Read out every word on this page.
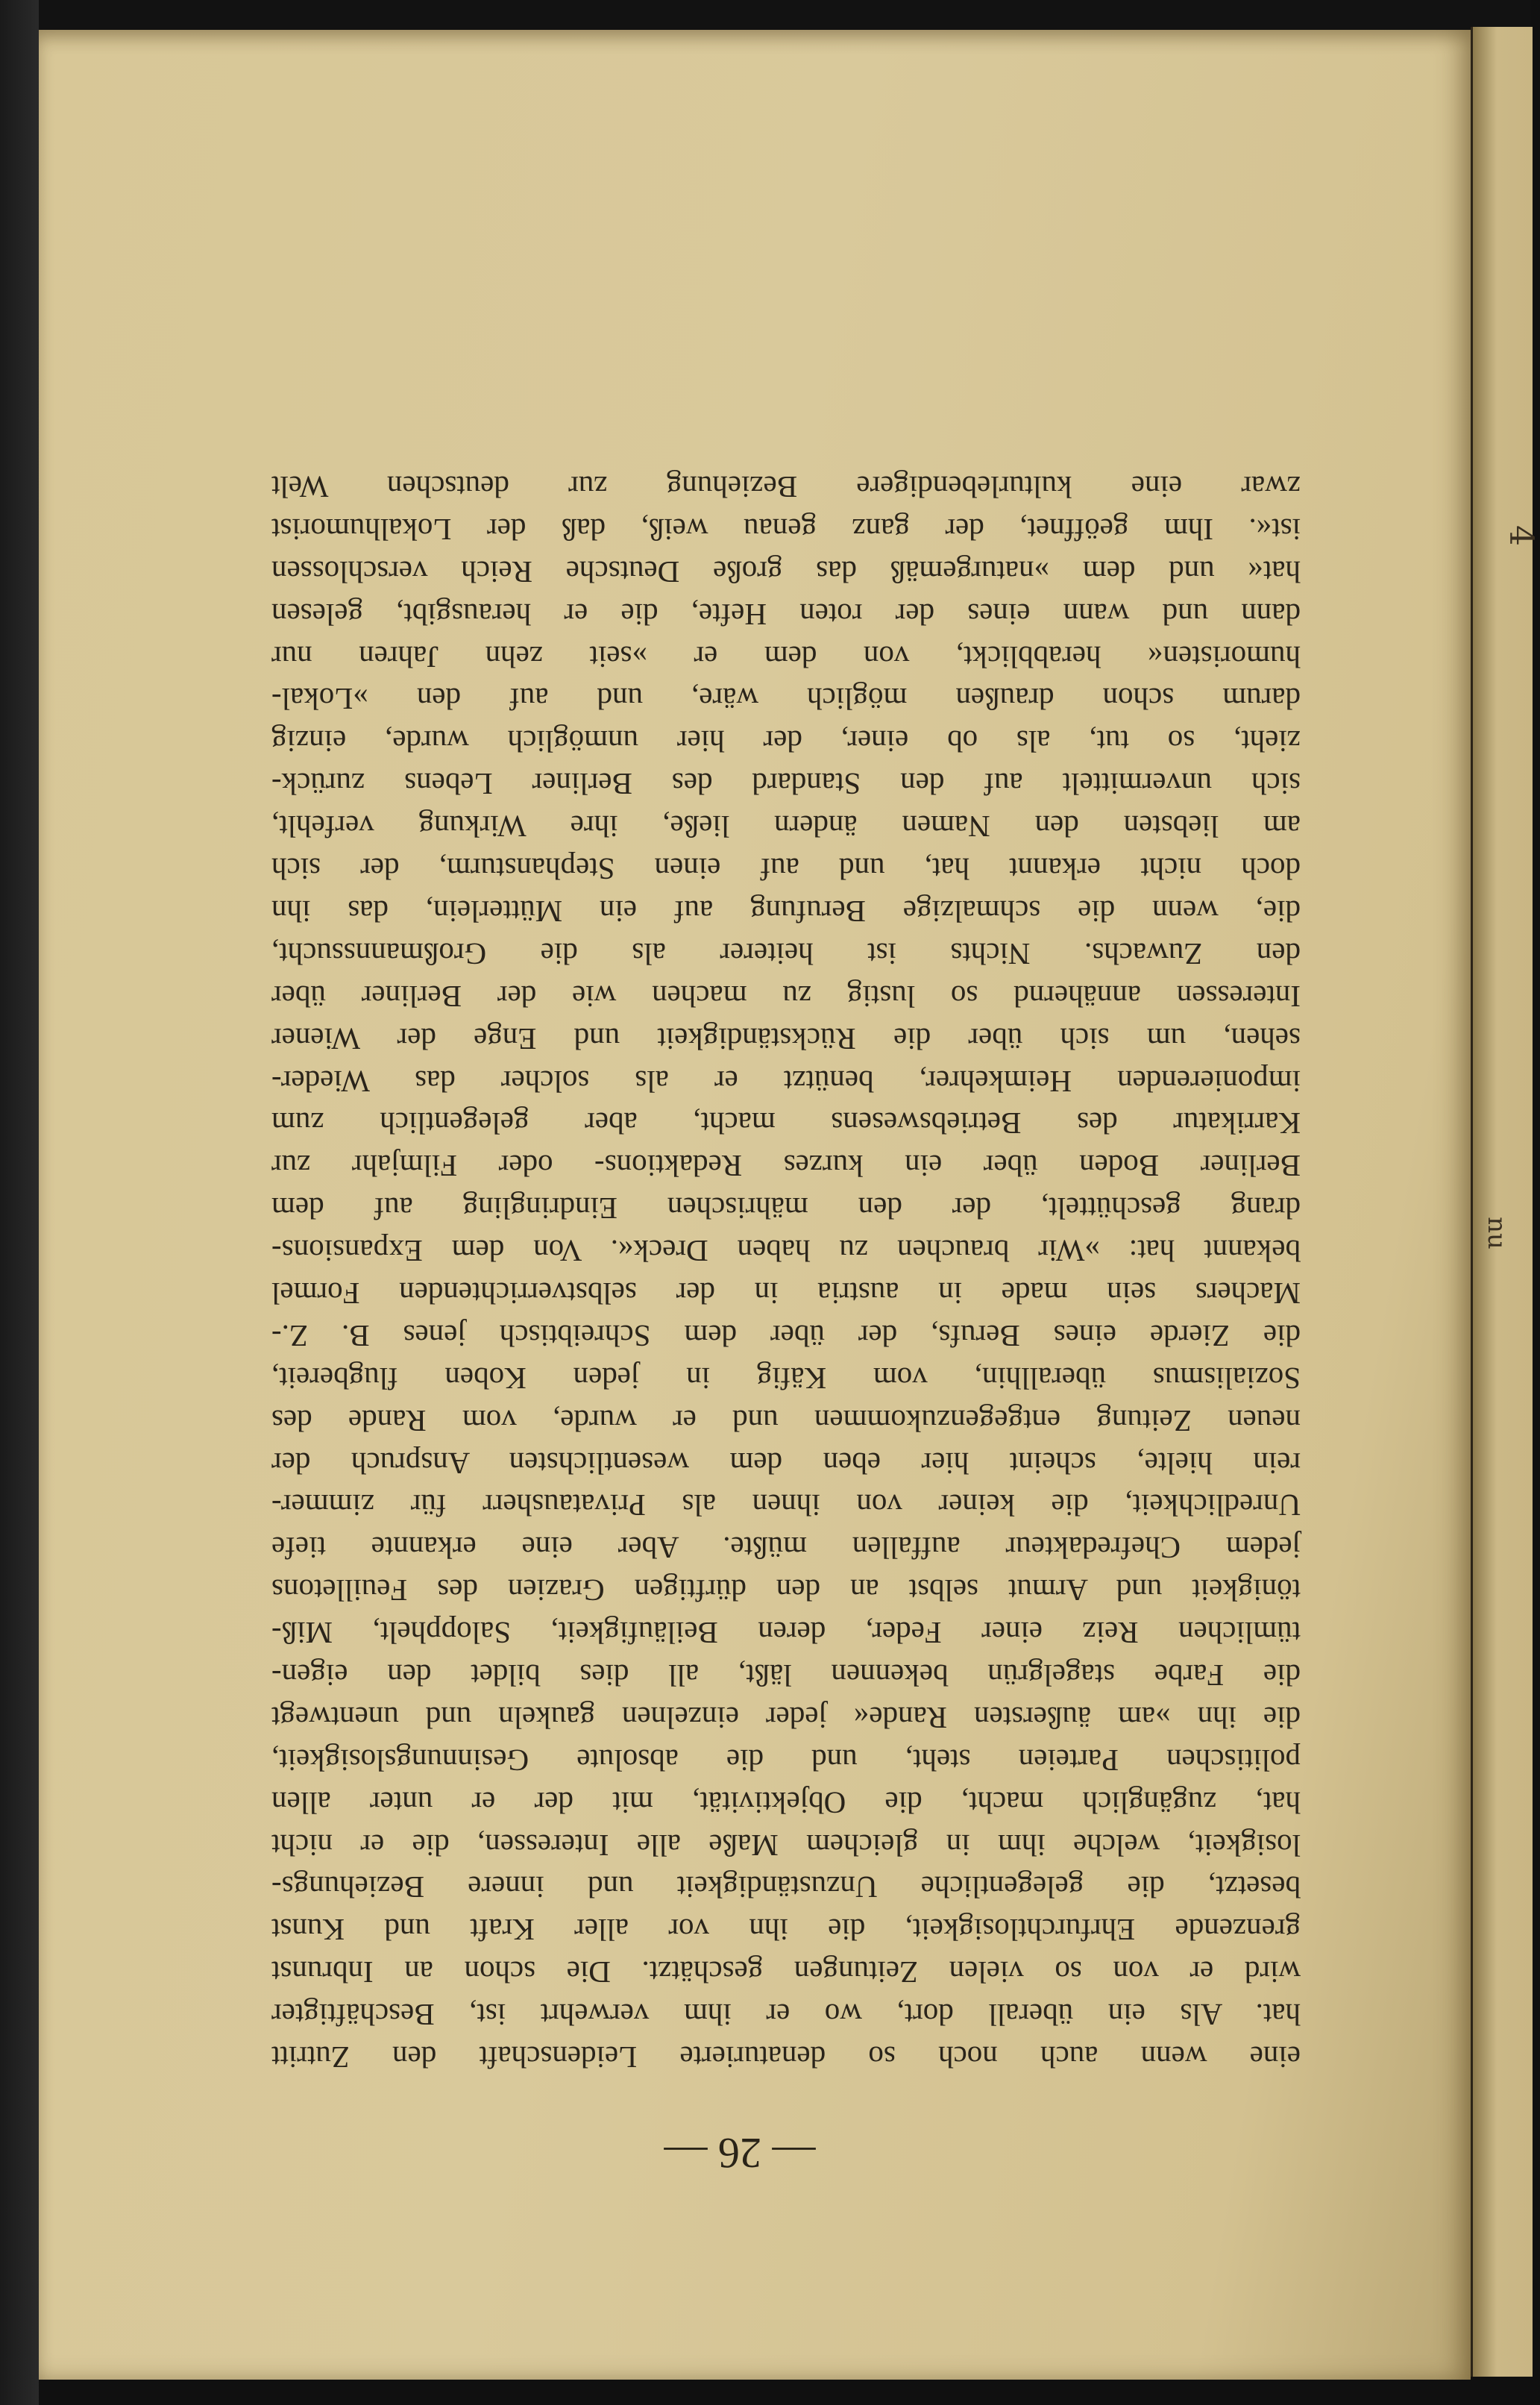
4
nu
— 26 —
eine wenn auch noch so denaturierte Leidenschaft den Zutritt
hat. Als ein überall dort, wo er ihm verwehrt ist, Beschäftigter
wird er von so vielen Zeitungen geschätzt. Die schon an Inbrunst
grenzende Ehrfurchtlosigkeit, die ihn vor aller Kraft und Kunst
besetzt, die gelegentliche Unzuständigkeit und innere Beziehungs-
losigkeit, welche ihm in gleichem Maße alle Interessen, die er nicht
hat, zugänglich macht, die Objektivität, mit der er unter allen
politischen Parteien steht, und die absolute Gesinnungslosigkeit,
die ihn »am äußersten Rande« jeder einzelnen gaukeln und unentwegt
die Farbe stagelgrün bekennen läßt, all dies bildet den eigen-
tümlichen Reiz einer Feder, deren Beiläufigkeit, Salopphelt, Miß-
tönigkeit und Armut selbst an den dürftigen Grazien des Feuilletons
jedem Chefredakteur auffallen müßte. Aber eine erkannte tiefe
Unredlichkeit, die keiner von ihnen als Privatausherr für zimmer-
rein hielte, scheint hier eben dem wesentlichsten Anspruch der
neuen Zeitung entgegenzukommen und er wurde, vom Rande des
Sozialismus überallhin, vom Käfig in jeden Koben flugbereit,
die Zierde eines Berufs, der über dem Schreibtisch jenes B. Z.-
Machers sein made in austria in der selbstverrichtenden Formel
bekannt hat: »Wir brauchen zu haben Dreck«. Von dem Expansions-
drang geschüttelt, der den mährischen Eindringling auf dem
Berliner Boden über ein kurzes Redaktions- oder Filmjahr zur
Karrikatur des Betriebswesens macht, aber gelegentlich zum
imponierenden Heimkehrer, benützt er als solcher das Wieder-
sehen, um sich über die Rückständigkeit und Enge der Wiener
Interessen annähernd so lustig zu machen wie der Berliner über
den Zuwachs. Nichts ist heiterer als die Großmannssucht,
die, wenn die schmalzige Berufung auf ein Mütterlein, das ihn
doch nicht erkannt hat, und auf einen Stephansturm, der sich
am liebsten den Namen ändern ließe, ihre Wirkung verfehlt,
sich unvermittelt auf den Standard des Berliner Lebens zurück-
zieht, so tut, als ob einer, der hier unmöglich wurde, einzig
darum schon draußen möglich wäre, und auf den »Lokal-
humoristen« herabblickt, von dem er »seit zehn Jahren nur
dann und wann eines der roten Hefte, die er herausgibt, gelesen
hat« und dem »naturgemäß das große Deutsche Reich verschlossen
ist«. Ihm geöffnet, der ganz genau weiß, daß der Lokalhumorist
zwar eine kulturlebendigere Beziehung zur deutschen Welt
